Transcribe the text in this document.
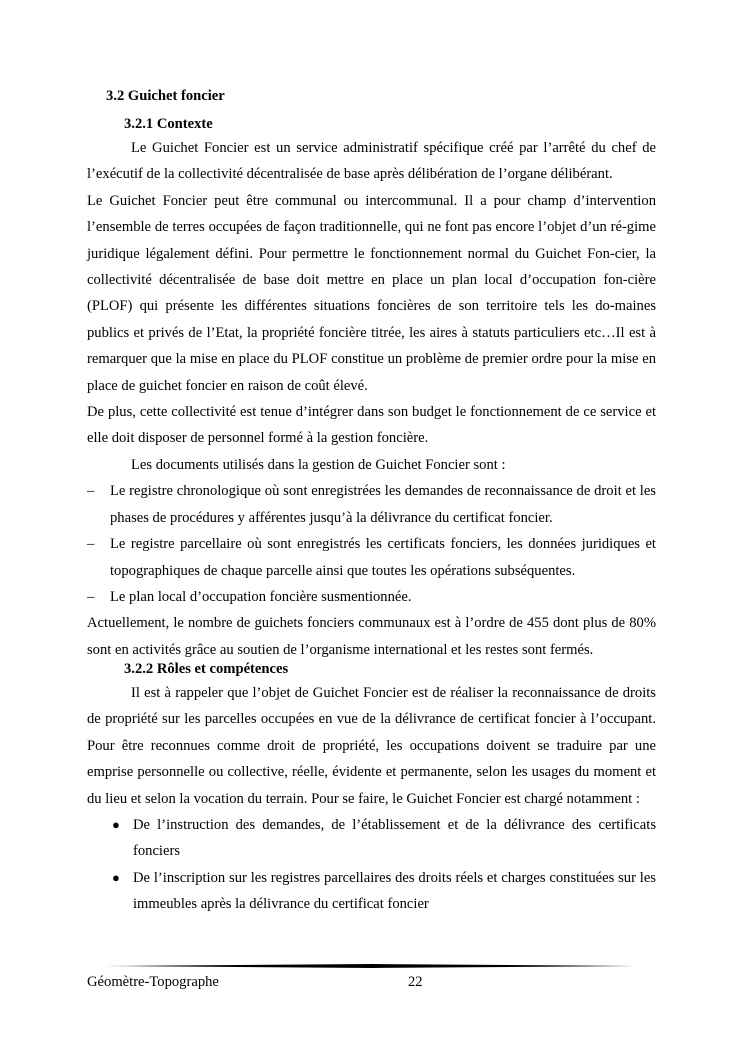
3.2 Guichet foncier
3.2.1 Contexte

Le Guichet Foncier est un service administratif spécifique créé par l’arrêté du chef de l’exécutif de la collectivité décentralisée de base après délibération de l’organe délibérant.

Le Guichet Foncier peut être communal ou intercommunal. Il a pour champ d’intervention l’ensemble de terres occupées de façon traditionnelle, qui ne font pas encore l’objet d’un ré-gime juridique légalement défini. Pour permettre le fonctionnement normal du Guichet Fon-cier, la collectivité décentralisée de base doit mettre en place un plan local d’occupation fon-cière (PLOF) qui présente les différentes situations foncières de son territoire tels les do-maines publics et privés de l’Etat, la propriété foncière titrée, les aires à statuts particuliers etc…Il est à remarquer que la mise en place du PLOF constitue un problème de premier ordre pour la mise en place de guichet foncier en raison de coût élevé.

De plus, cette collectivité est tenue d’intégrer dans son budget le fonctionnement de ce service et elle doit disposer de personnel formé à la gestion foncière.

Les documents utilisés dans la gestion de Guichet Foncier sont :

– Le registre chronologique où sont enregistrées les demandes de reconnaissance de droit et les phases de procédures y afférentes jusqu’à la délivrance du certificat foncier.
– Le registre parcellaire où sont enregistrés les certificats fonciers, les données juridiques et topographiques de chaque parcelle ainsi que toutes les opérations subséquentes.
– Le plan local d’occupation foncière susmentionnée.

Actuellement, le nombre de guichets fonciers communaux est à l’ordre de 455 dont plus de 80% sont en activités grâce au soutien de l’organisme international et les restes sont fermés.

3.2.2 Rôles et compétences

Il est à rappeler que l’objet de Guichet Foncier est de réaliser la reconnaissance de droits de propriété sur les parcelles occupées en vue de la délivrance de certificat foncier à l’occupant. Pour être reconnues comme droit de propriété, les occupations doivent se traduire par une emprise personnelle ou collective, réelle, évidente et permanente, selon les usages du moment et du lieu et selon la vocation du terrain. Pour se faire, le Guichet Foncier est chargé notamment :

● De l’instruction des demandes, de l’établissement et de la délivrance des certificats fonciers
● De l’inscription sur les registres parcellaires des droits réels et charges constituées sur les immeubles après la délivrance du certificat foncier
Géomètre-Topographe	22
